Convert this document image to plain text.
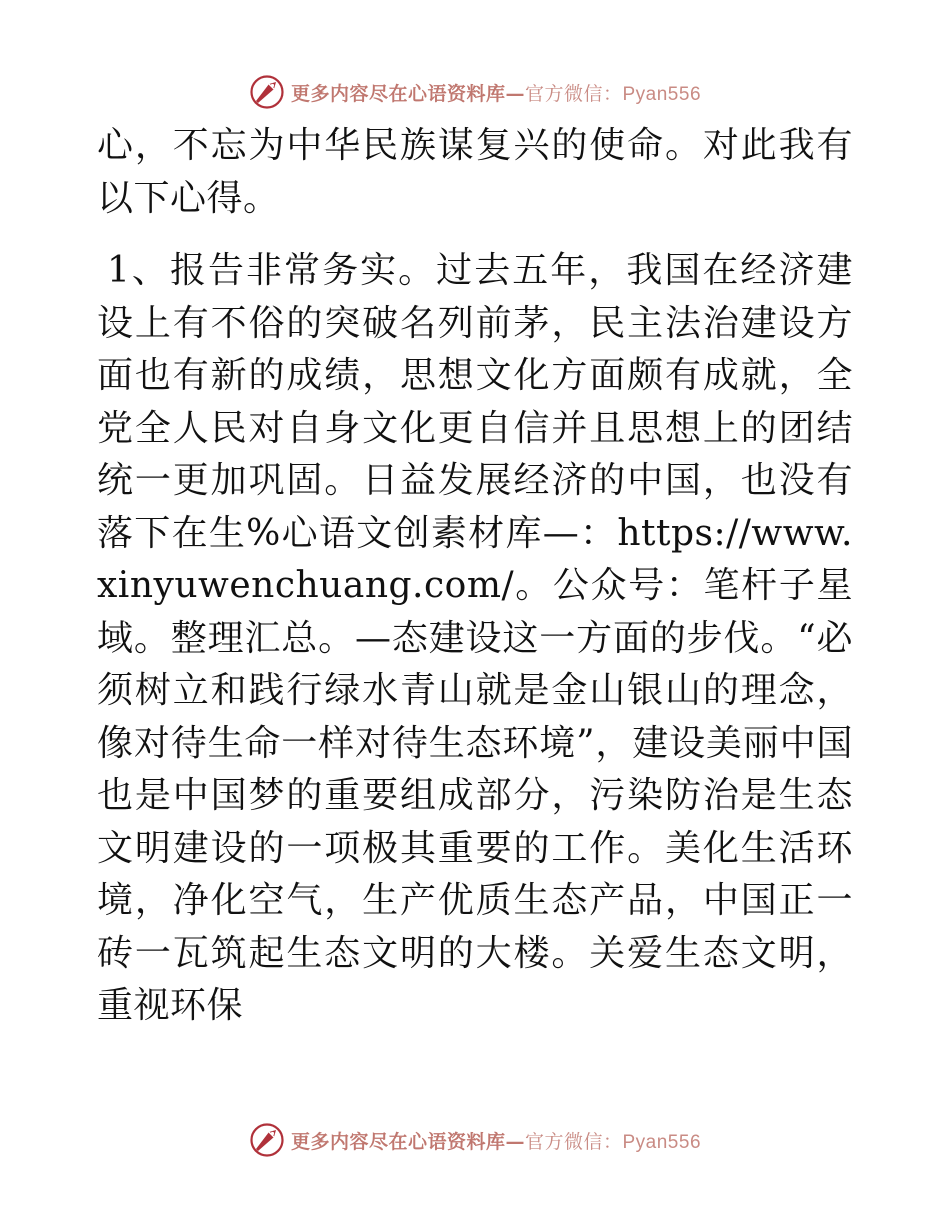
更多内容尽在心语资料库—官方微信：Pyan556

心，不忘为中华民族谋复兴的使命。对此我有以下心得。

1、报告非常务实。过去五年，我国在经济建设上有不俗的突破名列前茅，民主法治建设方面也有新的成绩，思想文化方面颇有成就，全党全人民对自身文化更自信并且思想上的团结统一更加巩固。日益发展经济的中国，也没有落下在生%心语文创素材库—：https://www.xinyuwenchuang.com/。公众号：笔杆子星域。整理汇总。—态建设这一方面的步伐。“必须树立和践行绿水青山就是金山银山的理念，像对待生命一样对待生态环境”，建设美丽中国也是中国梦的重要组成部分，污染防治是生态文明建设的一项极其重要的工作。美化生活环境，净化空气，生产优质生态产品，中国正一砖一瓦筑起生态文明的大楼。关爱生态文明，重视环保

更多内容尽在心语资料库—官方微信：Pyan556
